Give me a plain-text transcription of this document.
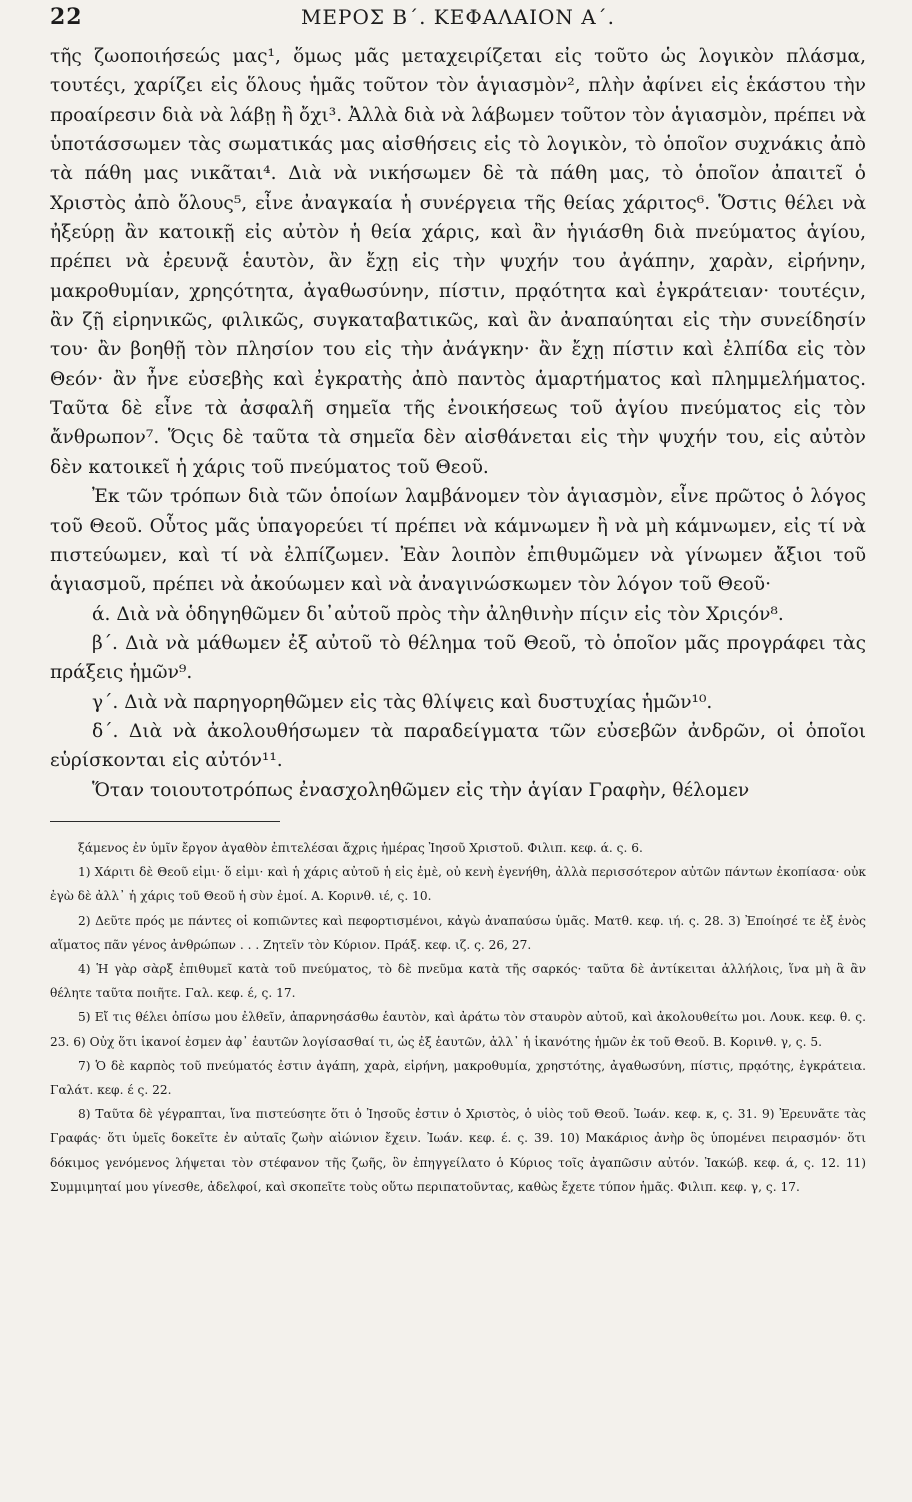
22	ΜΕΡΟΣ Β΄. ΚΕΦΑΛΑΙΟΝ Α΄.

τῆς ζωοποιήσεώς μας¹, ὅμως μᾶς μεταχειρίζεται εἰς τοῦτο ὡς λογικὸν πλάσμα, τουτέςι, χαρίζει εἰς ὅλους ἡμᾶς τοῦτον τὸν ἁγιασμὸν², πλὴν ἀφίνει εἰς ἑκάστου τὴν προαίρεσιν διὰ νὰ λάβῃ ἢ ὄχι³. Ἀλλὰ διὰ νὰ λάβωμεν τοῦτον τὸν ἁγιασμὸν, πρέπει νὰ ὑποτάσσωμεν τὰς σωματικάς μας αἰσθήσεις εἰς τὸ λογικὸν, τὸ ὁποῖον συχνάκις ἀπὸ τὰ πάθη μας νικᾶται⁴. Διὰ νὰ νικήσωμεν δὲ τὰ πάθη μας, τὸ ὁποῖον ἀπαιτεῖ ὁ Χριστὸς ἀπὸ ὅλους⁵, εἶνε ἀναγκαία ἡ συνέργεια τῆς θείας χάριτος⁶. Ὅστις θέλει νὰ ἠξεύρῃ ἂν κατοικῇ εἰς αὐτὸν ἡ θεία χάρις, καὶ ἂν ἡγιάσθη διὰ πνεύματος ἁγίου, πρέπει νὰ ἐρευνᾷ ἑαυτὸν, ἂν ἔχῃ εἰς τὴν ψυχήν του ἀγάπην, χαρὰν, εἰρήνην, μακροθυμίαν, χρηςότητα, ἀγαθωσύνην, πίστιν, πρᾳότητα καὶ ἐγκράτειαν· τουτέςιν, ἂν ζῇ εἰρηνικῶς, φιλικῶς, συγκαταβατικῶς, καὶ ἂν ἀναπαύηται εἰς τὴν συνείδησίν του· ἂν βοηθῇ τὸν πλησίον του εἰς τὴν ἀνάγκην· ἂν ἔχῃ πίστιν καὶ ἐλπίδα εἰς τὸν Θεόν· ἂν ἦνε εὐσεβὴς καὶ ἐγκρατὴς ἀπὸ παντὸς ἁμαρτήματος καὶ πλημμελήματος. Ταῦτα δὲ εἶνε τὰ ἀσφαλῆ σημεῖα τῆς ἐνοικήσεως τοῦ ἁγίου πνεύματος εἰς τὸν ἄνθρωπον⁷. Ὅςις δὲ ταῦτα τὰ σημεῖα δὲν αἰσθάνεται εἰς τὴν ψυχήν του, εἰς αὐτὸν δὲν κατοικεῖ ἡ χάρις τοῦ πνεύματος τοῦ Θεοῦ.

Ἐκ τῶν τρόπων διὰ τῶν ὁποίων λαμβάνομεν τὸν ἁγιασμὸν, εἶνε πρῶτος ὁ λόγος τοῦ Θεοῦ. Οὗτος μᾶς ὑπαγορεύει τί πρέπει νὰ κάμνωμεν ἢ νὰ μὴ κάμνωμεν, εἰς τί νὰ πιστεύωμεν, καὶ τί νὰ ἐλπίζωμεν. Ἐὰν λοιπὸν ἐπιθυμῶμεν νὰ γίνωμεν ἄξιοι τοῦ ἁγιασμοῦ, πρέπει νὰ ἀκούωμεν καὶ νὰ ἀναγινώσκωμεν τὸν λόγον τοῦ Θεοῦ·

ά. Διὰ νὰ ὁδηγηθῶμεν δι᾽αὐτοῦ πρὸς τὴν ἀληθινὴν πίςιν εἰς τὸν Χριςόν⁸.

β΄. Διὰ νὰ μάθωμεν ἐξ αὐτοῦ τὸ θέλημα τοῦ Θεοῦ, τὸ ὁποῖον μᾶς προγράφει τὰς πράξεις ἡμῶν⁹.

γ΄. Διὰ νὰ παρηγορηθῶμεν εἰς τὰς θλίψεις καὶ δυστυχίας ἡμῶν¹⁰.

δ΄. Διὰ νὰ ἀκολουθήσωμεν τὰ παραδείγματα τῶν εὐσεβῶν ἀνδρῶν, οἱ ὁποῖοι εὑρίσκονται εἰς αὐτόν¹¹.

Ὅταν τοιουτοτρόπως ἐνασχοληθῶμεν εἰς τὴν ἁγίαν Γραφὴν, θέλομεν

ξάμενος ἐν ὑμῖν ἔργον ἀγαθὸν ἐπιτελέσαι ἄχρις ἡμέρας Ἰησοῦ Χριστοῦ. Φιλιπ. κεφ. ά. ς. 6.

1) Χάριτι δὲ Θεοῦ εἰμι· ὅ εἰμι· καὶ ἡ χάρις αὐτοῦ ἡ εἰς ἐμὲ, οὐ κενὴ ἐγενήθη, ἀλλὰ περισσότερον αὐτῶν πάντων ἐκοπίασα· οὐκ ἐγὼ δὲ ἀλλ᾽ ἡ χάρις τοῦ Θεοῦ ἡ σὺν ἐμοί. Α. Κορινθ. ιέ, ς. 10.

2) Δεῦτε πρός με πάντες οἱ κοπιῶντες καὶ πεφορτισμένοι, κἀγὼ ἀναπαύσω ὑμᾶς. Ματθ. κεφ. ιή. ς. 28. 3) Ἐποίησέ τε ἐξ ἑνὸς αἵματος πᾶν γένος ἀνθρώπων . . . Ζητεῖν τὸν Κύριον. Πράξ. κεφ. ιζ. ς. 26, 27.

4) Ἡ γὰρ σὰρξ ἐπιθυμεῖ κατὰ τοῦ πνεύματος, τὸ δὲ πνεῦμα κατὰ τῆς σαρκός· ταῦτα δὲ ἀντίκειται ἀλλήλοις, ἵνα μὴ ἃ ἂν θέλητε ταῦτα ποιῆτε. Γαλ. κεφ. έ, ς. 17.

5) Εἴ τις θέλει ὀπίσω μου ἐλθεῖν, ἀπαρνησάσθω ἑαυτὸν, καὶ ἀράτω τὸν σταυρὸν αὐτοῦ, καὶ ἀκολουθείτω μοι. Λουκ. κεφ. θ. ς. 23. 6) Οὐχ ὅτι ἱκανοί ἐσμεν ἀφ᾽ ἑαυτῶν λογίσασθαί τι, ὡς ἐξ ἑαυτῶν, ἀλλ᾽ ἡ ἱκανότης ἡμῶν ἐκ τοῦ Θεοῦ. Β. Κορινθ. γ, ς. 5.

7) Ὁ δὲ καρπὸς τοῦ πνεύματός ἐστιν ἀγάπη, χαρὰ, εἰρήνη, μακροθυμία, χρηστότης, ἀγαθωσύνη, πίστις, πρᾳότης, ἐγκράτεια. Γαλάτ. κεφ. έ ς. 22.

8) Ταῦτα δὲ γέγραπται, ἵνα πιστεύσητε ὅτι ὁ Ἰησοῦς ἐστιν ὁ Χριστὸς, ὁ υἱὸς τοῦ Θεοῦ. Ἰωάν. κεφ. κ, ς. 31. 9) Ἐρευνᾶτε τὰς Γραφάς· ὅτι ὑμεῖς δοκεῖτε ἐν αὐταῖς ζωὴν αἰώνιον ἔχειν. Ἰωάν. κεφ. έ. ς. 39. 10) Μακάριος ἀνὴρ ὃς ὑπομένει πειρασμόν· ὅτι δόκιμος γενόμενος λήψεται τὸν στέφανον τῆς ζωῆς, ὃν ἐπηγγείλατο ὁ Κύριος τοῖς ἀγαπῶσιν αὐτόν. Ἰακώβ. κεφ. ά, ς. 12. 11) Συμμιμηταί μου γίνεσθε, ἀδελφοί, καὶ σκοπεῖτε τοὺς οὕτω περιπατοῦντας, καθὼς ἔχετε τύπον ἡμᾶς. Φιλιπ. κεφ. γ, ς. 17.
